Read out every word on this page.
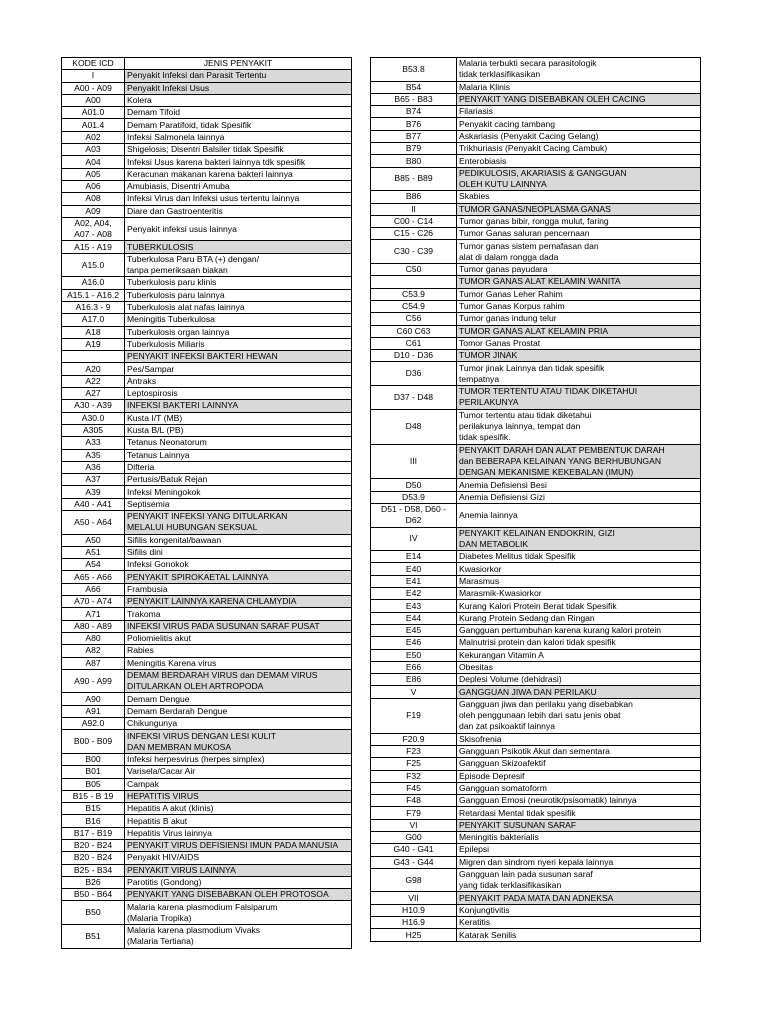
KODE ICD	JENIS PENYAKIT
I	Penyakit Infeksi dan Parasit Tertentu
A00 - A09	Penyakit Infeksi Usus
A00	Kolera
A01.0	Demam Tifoid
A01.4	Demam Paratifoid, tidak Spesifik
A02	Infeksi Salmonela lainnya
A03	Shigelosis; Disentri Balsiler tidak Spesifik
A04	Infeksi Usus karena bakteri lainnya tdk spesifik
A05	Keracunan makanan karena bakteri lainnya
A06	Amubiasis, Disentri Amuba
A08	Infeksi Virus dan Infeksi usus tertentu lainnya
A09	Diare dan Gastroenteritis
A02, A04,
A07 - A08	Penyakit infeksi usus lainnya
A15 - A19	TUBERKULOSIS
A15.0	Tuberkulosa Paru BTA (+) dengan/
tanpa pemeriksaan biakan
A16.0	Tuberkulosis paru klinis
A15.1 - A16.2	Tuberkulosis paru lainnya
A16.3 - 9	Tuberkulosis alat nafas lainnya
A17.0	Meningitis Tuberkulosa
A18	Tuberkulosis organ lainnya
A19	Tuberkulosis Miliaris
	PENYAKIT INFEKSI BAKTERI HEWAN
A20	Pes/Sampar
A22	Antraks
A27	Leptospirosis
A30 - A39	INFEKSI BAKTERI LAINNYA
A30.0	Kusta I/T (MB)
A305	Kusta B/L (PB)
A33	Tetanus Neonatorum
A35	Tetanus Lainnya
A36	Difteria
A37	Pertusis/Batuk Rejan
A39	Infeksi Meningokok
A40 - A41	Septisemia
A50 - A64	PENYAKIT INFEKSI YANG DITULARKAN
MELALUI HUBUNGAN SEKSUAL
A50	Sifilis kongenital/bawaan
A51	Sifilis dini
A54	Infeksi Gonokok
A65 - A66	PENYAKIT SPIROKAETAL LAINNYA
A66	Frambusia
A70 - A74	PENYAKIT LAINNYA KARENA CHLAMYDIA
A71	Trakoma
A80 - A89	INFEKSI VIRUS PADA SUSUNAN SARAF PUSAT
A80	Poliomielitis akut
A82	Rabies
A87	Meningitis Karena virus
A90 - A99	DEMAM BERDARAH VIRUS dan DEMAM VIRUS
DITULARKAN OLEH ARTROPODA
A90	Demam Dengue
A91	Demam Berdarah Dengue
A92.0	Chikungunya
B00 - B09	INFEKSI VIRUS DENGAN LESI KULIT
DAN MEMBRAN MUKOSA
B00	Infeksi herpesvirus (herpes simplex)
B01	Varisela/Cacar Air
B05	Campak
B15 - B 19	HEPATITIS VIRUS
B15	Hepatitis A akut (klinis)
B16	Hepatitis B akut
B17 - B19	Hepatitis Virus lainnya
B20 - B24	PENYAKIT VIRUS DEFISIENSI IMUN PADA MANUSIA
B20 - B24	Penyakit HIV/AIDS
B25 - B34	PENYAKIT VIRUS LAINNYA
B26	Parotitis (Gondong)
B50 - B64	PENYAKIT YANG DISEBABKAN OLEH PROTOSOA
B50	Malaria karena plasmodium Falsiparum
(Malaria Tropika)
B51	Malaria karena plasmodium Vivaks
(Malaria Tertiana)
B53.8	Malaria terbukti secara parasitologik
tidak terklasifikasikan
B54	Malaria Klinis
B65 - B83	PENYAKIT YANG DISEBABKAN OLEH CACING
B74	Filariasis
B76	Penyakit cacing tambang
B77	Askariasis (Penyakit Cacing Gelang)
B79	Trikhuriasis (Penyakit Cacing Cambuk)
B80	Enterobiasis
B85 - B89	PEDIKULOSIS, AKARIASIS & GANGGUAN
OLEH KUTU LAINNYA
B86	Skabies
II	TUMOR GANAS/NEOPLASMA GANAS
C00 - C14	Tumor ganas bibir, rongga mulut, faring
C15 - C26	Tumor Ganas saluran pencernaan
C30 - C39	Tumor ganas sistem pernafasan dan
alat di dalam rongga dada
C50	Tumor ganas payudara
	TUMOR GANAS ALAT KELAMIN WANITA
C53.9	Tumor Ganas Leher Rahim
C54.9	Tumor Ganas Korpus rahim
C56	Tumor ganas indung telur
C60 C63	TUMOR GANAS ALAT KELAMIN PRIA
C61	Tomor Ganas Prostat
D10 - D36	TUMOR JINAK
D36	Tumor jinak Lainnya dan tidak spesifik
tempatnya
D37 - D48	TUMOR TERTENTU ATAU TIDAK DIKETAHUI
PERILAKUNYA
D48	Tumor tertentu atau tidak diketahui
perilakunya lainnya, tempat dan
tidak spesifik.
III	PENYAKIT DARAH DAN ALAT PEMBENTUK DARAH
dan BEBERAPA KELAINAN YANG BERHUBUNGAN
DENGAN MEKANISME KEKEBALAN (IMUN)
D50	Anemia Defisiensi Besi
D53.9	Anemia Defisiensi Gizi
D51 - D58, D60 - D62	Anemia lainnya
IV	PENYAKIT KELAINAN ENDOKRIN, GIZI
DAN METABOLIK
E14	Diabetes Melitus tidak Spesifik
E40	Kwasiorkor
E41	Marasmus
E42	Marasmik-Kwasiorkor
E43	Kurang Kalori Protein Berat tidak Spesifik
E44	Kurang Protein Sedang dan Ringan
E45	Gangguan pertumbuhan karena kurang kalori protein
E46	Malnutrisi protein dan kalori tidak spesifik
E50	Kekurangan Vitamin A
E66	Obesitas
E86	Deplesi Volume (dehidrasi)
V	GANGGUAN JIWA DAN PERILAKU
F19	Gangguan jiwa dan perilaku yang disebabkan
oleh penggunaan lebih dari satu jenis obat
dan zat psikoaktif lainnya
F20.9	Skisofrenia
F23	Gangguan Psikotik Akut dan sementara
F25	Gangguan Skizoafektif
F32	Episode Depresif
F45	Gangguan somatoform
F48	Gangguan Emosi (neurotik/psisomatik) lainnya
F79	Retardasi Mental tidak spesifik
VI	PENYAKIT SUSUNAN SARAF
G00	Meningitis bakterialis
G40 - G41	Epilepsi
G43 - G44	Migren dan sindrom nyeri kepala lainnya
G98	Gangguan lain pada susunan saraf
yang tidak terklasifikasikan
VII	PENYAKIT PADA MATA DAN ADNEKSA
H10.9	Konjungtivitis
H16.9	Keratitis
H25	Katarak Senilis
